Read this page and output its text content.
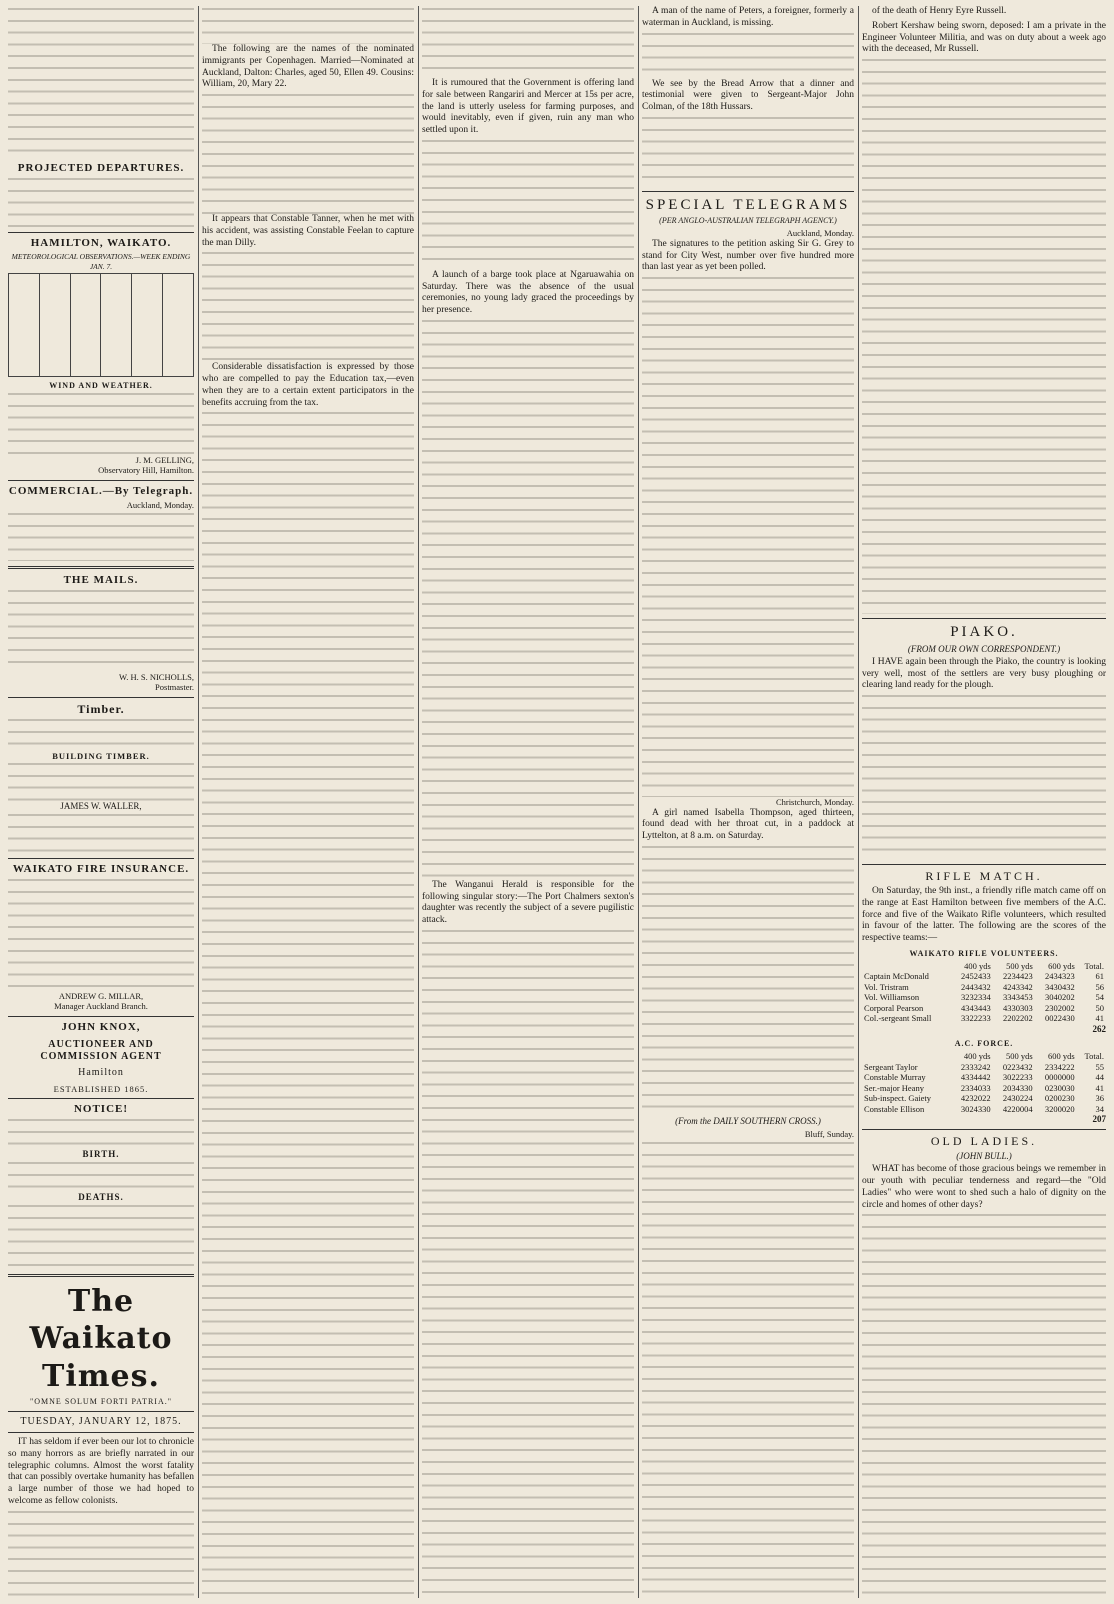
PROJECTED DEPARTURES.
HAMILTON, WAIKATO.
METEOROLOGICAL OBSERVATIONS.—WEEK ENDING JAN. 7.

WIND AND WEATHER.
J. M. GELLING,
Observatory Hill, Hamilton.
COMMERCIAL.—By Telegraph.
Auckland, Monday.
THE MAILS.
W. H. S. NICHOLLS,
Postmaster.
Timber.
BUILDING TIMBER.
JAMES W. WALLER,
WAIKATO FIRE INSURANCE.
ANDREW G. MILLAR,
Manager Auckland Branch.
JOHN KNOX,
AUCTIONEER AND COMMISSION AGENT
Hamilton
ESTABLISHED 1865.
NOTICE!
BIRTH.
DEATHS.
The Waikato Times.
"OMNE SOLUM FORTI PATRIA."
TUESDAY, JANUARY 12, 1875.

IT has seldom if ever been our lot to chronicle so many horrors as are briefly narrated in our telegraphic columns. Almost the worst fatality that can possibly overtake humanity has befallen a large number of those we had hoped to welcome as fellow colonists.

The following are the names of the nominated immigrants per Copenhagen. Married—Nominated at Auckland, Dalton: Charles, aged 50, Ellen 49. Cousins: William, 20, Mary 22.

It appears that Constable Tanner, when he met with his accident, was assisting Constable Feelan to capture the man Dilly.

Considerable dissatisfaction is expressed by those who are compelled to pay the Education tax,—even when they are to a certain extent participators in the benefits accruing from the tax.

It is rumoured that the Government is offering land for sale between Rangariri and Mercer at 15s per acre, the land is utterly useless for farming purposes, and would inevitably, even if given, ruin any man who settled upon it.

A launch of a barge took place at Ngaruawahia on Saturday. There was the absence of the usual ceremonies, no young lady graced the proceedings by her presence.

The Wanganui Herald is responsible for the following singular story:—The Port Chalmers sexton's daughter was recently the subject of a severe pugilistic attack.

A man of the name of Peters, a foreigner, formerly a waterman in Auckland, is missing.

We see by the Bread Arrow that a dinner and testimonial were given to Sergeant-Major John Colman, of the 18th Hussars.

SPECIAL TELEGRAMS
(PER ANGLO-AUSTRALIAN TELEGRAPH AGENCY.)
Auckland, Monday.

The signatures to the petition asking Sir G. Grey to stand for City West, number over five hundred more than last year as yet been polled.

Christchurch, Monday.

A girl named Isabella Thompson, aged thirteen, found dead with her throat cut, in a paddock at Lyttelton, at 8 a.m. on Saturday.

(From the DAILY SOUTHERN CROSS.)
Bluff, Sunday.

of the death of Henry Eyre Russell.

Robert Kershaw being sworn, deposed: I am a private in the Engineer Volunteer Militia, and was on duty about a week ago with the deceased, Mr Russell.

PIAKO.
(FROM OUR OWN CORRESPONDENT.)

I HAVE again been through the Piako, the country is looking very well, most of the settlers are very busy ploughing or clearing land ready for the plough.

RIFLE MATCH.

On Saturday, the 9th inst., a friendly rifle match came off on the range at East Hamilton between five members of the A.C. force and five of the Waikato Rifle volunteers, which resulted in favour of the latter. The following are the scores of the respective teams:—

WAIKATO RIFLE VOLUNTEERS.
	400 yds	500 yds	600 yds	Total.
Captain McDonald	2452433	2234423	2434323	61
Vol. Tristram	2443432	4243342	3430432	56
Vol. Williamson	3232334	3343453	3040202	54
Corporal Pearson	4343443	4330303	2302002	50
Col.-sergeant Small	3322233	2202202	0022430	41
262
A.C. FORCE.
	400 yds	500 yds	600 yds	Total.
Sergeant Taylor	2333242	0223432	2334222	55
Constable Murray	4334442	3022233	0000000	44
Ser.-major Heany	2334033	2034330	0230030	41
Sub-inspect. Gaiety	4232022	2430224	0200230	36
Constable Ellison	3024330	4220004	3200020	34
207
OLD LADIES.
(JOHN BULL.)

WHAT has become of those gracious beings we remember in our youth with peculiar tenderness and regard—the "Old Ladies" who were wont to shed such a halo of dignity on the circle and homes of other days?
